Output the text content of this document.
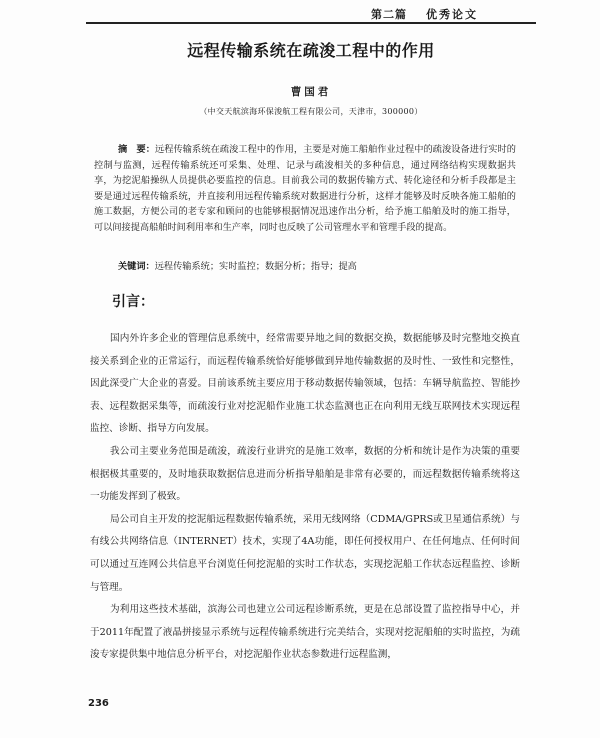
第二篇 优秀论文
远程传输系统在疏浚工程中的作用
曹国君
（中交天航滨海环保浚航工程有限公司，天津市，300000）
摘　要：远程传输系统在疏浚工程中的作用，主要是对施工船舶作业过程中的疏浚设备进行实时的控制与监测，远程传输系统还可采集、处理、记录与疏浚相关的多种信息，通过网络结构实现数据共享，为挖泥船操纵人员提供必要监控的信息。目前我公司的数据传输方式、转化途径和分析手段都是主要是通过远程传输系统，并直接利用远程传输系统对数据进行分析，这样才能够及时反映各施工船舶的施工数据，方便公司的老专家和顾问的也能够根据情况迅速作出分析，给予施工船舶及时的施工指导，可以间接提高船舶时间利用率和生产率，同时也反映了公司管理水平和管理手段的提高。
关键词：远程传输系统；实时监控；数据分析；指导；提高
引言：

国内外许多企业的管理信息系统中，经常需要异地之间的数据交换，数据能够及时完整地交换直接关系到企业的正常运行，而远程传输系统恰好能够做到异地传输数据的及时性、一致性和完整性，因此深受广大企业的喜爱。目前该系统主要应用于移动数据传输领域，包括：车辆导航监控、智能抄表、远程数据采集等，而疏浚行业对挖泥船作业施工状态监测也正在向利用无线互联网技术实现远程监控、诊断、指导方向发展。

我公司主要业务范围是疏浚，疏浚行业讲究的是施工效率，数据的分析和统计是作为决策的重要根据极其重要的，及时地获取数据信息进而分析指导船舶是非常有必要的，而远程数据传输系统将这一功能发挥到了极致。

局公司自主开发的挖泥船远程数据传输系统，采用无线网络（CDMA/GPRS或卫星通信系统）与有线公共网络信息（INTERNET）技术，实现了4A功能，即任何授权用户、在任何地点、任何时间可以通过互连网公共信息平台浏览任何挖泥船的实时工作状态，实现挖泥船工作状态远程监控、诊断与管理。

为利用这些技术基础，滨海公司也建立公司远程诊断系统，更是在总部设置了监控指导中心，并于2011年配置了液晶拼接显示系统与远程传输系统进行完美结合，实现对挖泥船舶的实时监控，为疏浚专家提供集中地信息分析平台，对挖泥船作业状态参数进行远程监测，

236
